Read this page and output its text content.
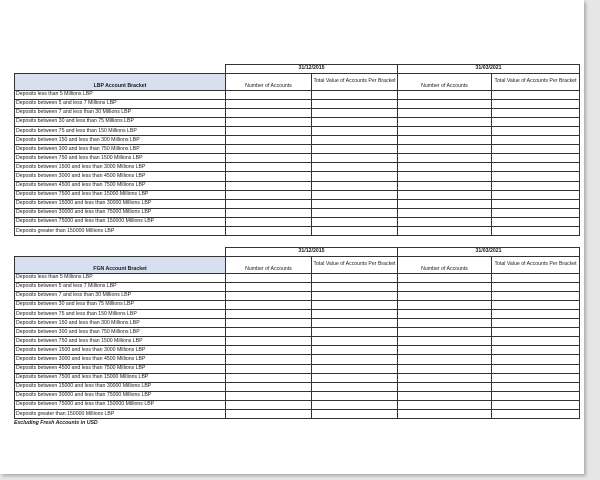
	31/12/2015		31/03/2021	
LBP Account Bracket	Number of Accounts	Total Value of Accounts Per Bracket	Number of Accounts	Total Value of Accounts Per Bracket
Deposits less than 5 Millions LBP				
Deposits between 5 and less 7 Millions LBP				
Deposits between 7 and less than 30 Millions LBP				
Deposits between 30 and less than 75 Millions LBP				
Deposits between 75 and less than 150 Millions LBP				
Deposits between 150 and less than 300 Millions LBP				
Deposits between 300 and less than 750 Millions LBP				
Deposits between 750 and less than 1500 Millions LBP				
Deposits between 1500 and less than 3000 Millions LBP				
Deposits between 3000 and less than 4500 Millions LBP				
Deposits between 4500 and less than 7500 Millions LBP				
Deposits between 7500 and less than 15000 Millions LBP				
Deposits between 15000 and less than 30000 Millions LBP				
Deposits between 30000 and less than 75000 Millions LBP				
Deposits between 75000 and less than 150000 Millions LBP				
Deposits greater than 150000 Millions LBP				
	31/12/2015		31/03/2021	
FGN Account Bracket	Number of Accounts	Total Value of Accounts Per Bracket	Number of Accounts	Total Value of Accounts Per Bracket
Deposits less than 5 Millions LBP				
Deposits between 5 and less 7 Millions LBP				
Deposits between 7 and less than 30 Millions LBP				
Deposits between 30 and less than 75 Millions LBP				
Deposits between 75 and less than 150 Millions LBP				
Deposits between 150 and less than 300 Millions LBP				
Deposits between 300 and less than 750 Millions LBP				
Deposits between 750 and less than 1500 Millions LBP				
Deposits between 1500 and less than 3000 Millions LBP				
Deposits between 3000 and less than 4500 Millions LBP				
Deposits between 4500 and less than 7500 Millions LBP				
Deposits between 7500 and less than 15000 Millions LBP				
Deposits between 15000 and less than 30000 Millions LBP				
Deposits between 30000 and less than 75000 Millions LBP				
Deposits between 75000 and less than 150000 Millions LBP				
Deposits greater than 150000 Millions LBP				
Excluding Fresh Accounts in USD
